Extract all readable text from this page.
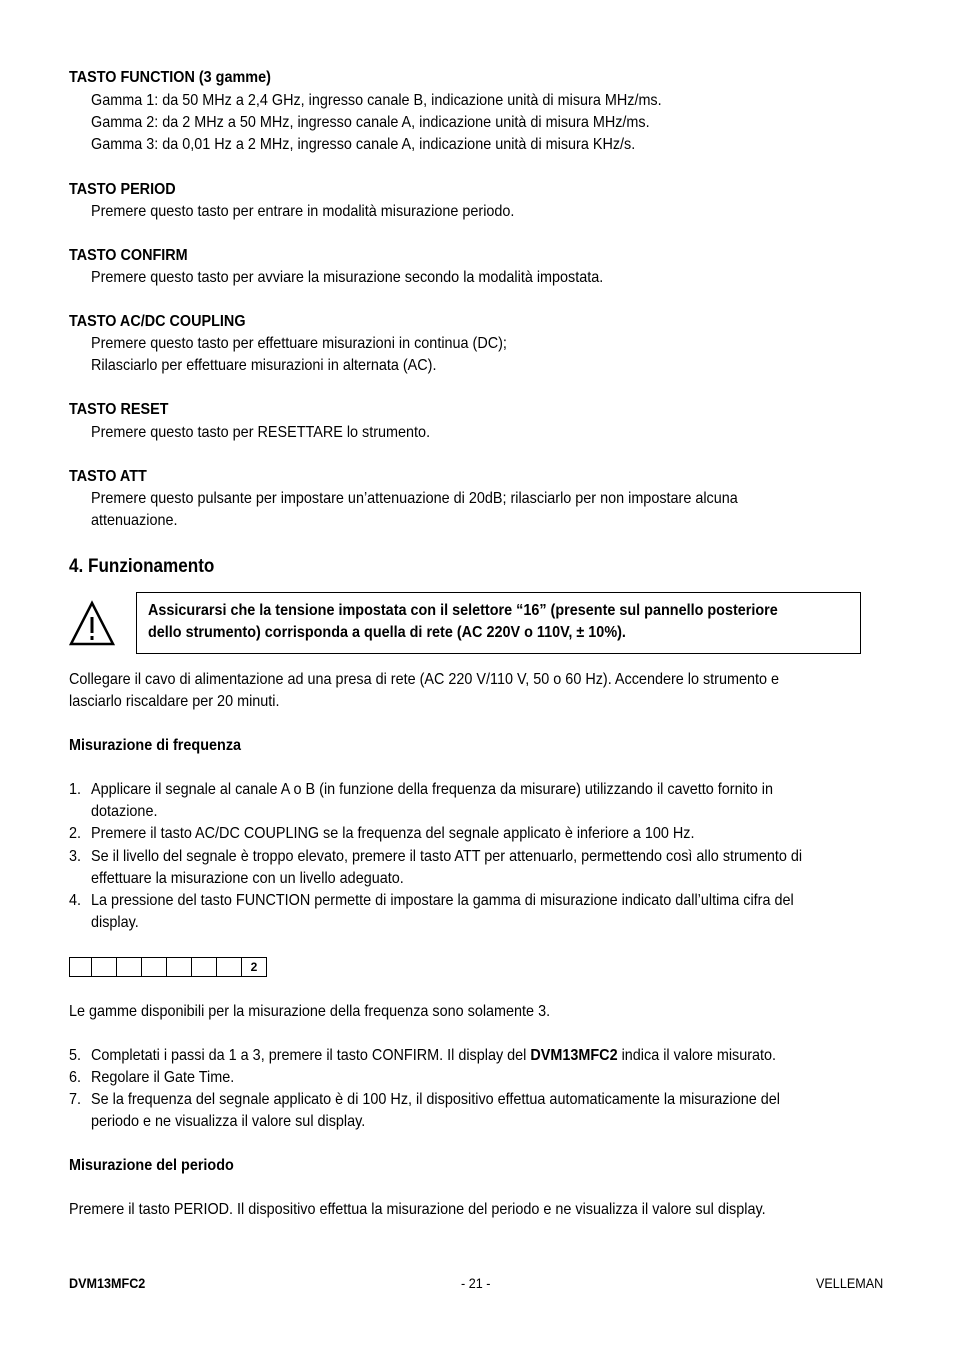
TASTO FUNCTION (3 gamme)
Gamma 1: da 50 MHz a 2,4 GHz, ingresso canale B, indicazione unità di misura MHz/ms.
Gamma 2: da 2 MHz a 50 MHz, ingresso canale A, indicazione unità di misura MHz/ms.
Gamma 3: da 0,01 Hz a 2 MHz, ingresso canale A, indicazione unità di misura KHz/s.
TASTO PERIOD
Premere questo tasto per entrare in modalità misurazione periodo.
TASTO CONFIRM
Premere questo tasto per avviare la misurazione secondo la modalità impostata.
TASTO AC/DC COUPLING
Premere questo tasto per effettuare misurazioni in continua (DC);
Rilasciarlo per effettuare misurazioni in alternata (AC).
TASTO RESET
Premere questo tasto per RESETTARE lo strumento.
TASTO ATT
Premere questo pulsante per impostare un’attenuazione di 20dB; rilasciarlo per non impostare alcuna
attenuazione.
4. Funzionamento
Assicurarsi che la tensione impostata con il selettore “16” (presente sul pannello posteriore
dello strumento) corrisponda a quella di rete (AC 220V o 110V, ± 10%).
Collegare il cavo di alimentazione ad una presa di rete (AC 220 V/110 V, 50 o 60 Hz). Accendere lo strumento e
lasciarlo riscaldare per 20 minuti.
Misurazione di frequenza
1. Applicare il segnale al canale A o B (in funzione della frequenza da misurare) utilizzando il cavetto fornito in
dotazione.
2. Premere il tasto AC/DC COUPLING se la frequenza del segnale applicato è inferiore a 100 Hz.
3. Se il livello del segnale è troppo elevato, premere il tasto ATT per attenuarlo, permettendo così allo strumento di
effettuare la misurazione con un livello adeguato.
4. La pressione del tasto FUNCTION permette di impostare la gamma di misurazione indicato dall’ultima cifra del
display.
2
Le gamme disponibili per la misurazione della frequenza sono solamente 3.
5. Completati i passi da 1 a 3, premere il tasto CONFIRM. Il display del DVM13MFC2 indica il valore misurato.
6. Regolare il Gate Time.
7. Se la frequenza del segnale applicato è di 100 Hz, il dispositivo effettua automaticamente la misurazione del
periodo e ne visualizza il valore sul display.
Misurazione del periodo
Premere il tasto PERIOD. Il dispositivo effettua la misurazione del periodo e ne visualizza il valore sul display.
DVM13MFC2	- 21 -	VELLEMAN
